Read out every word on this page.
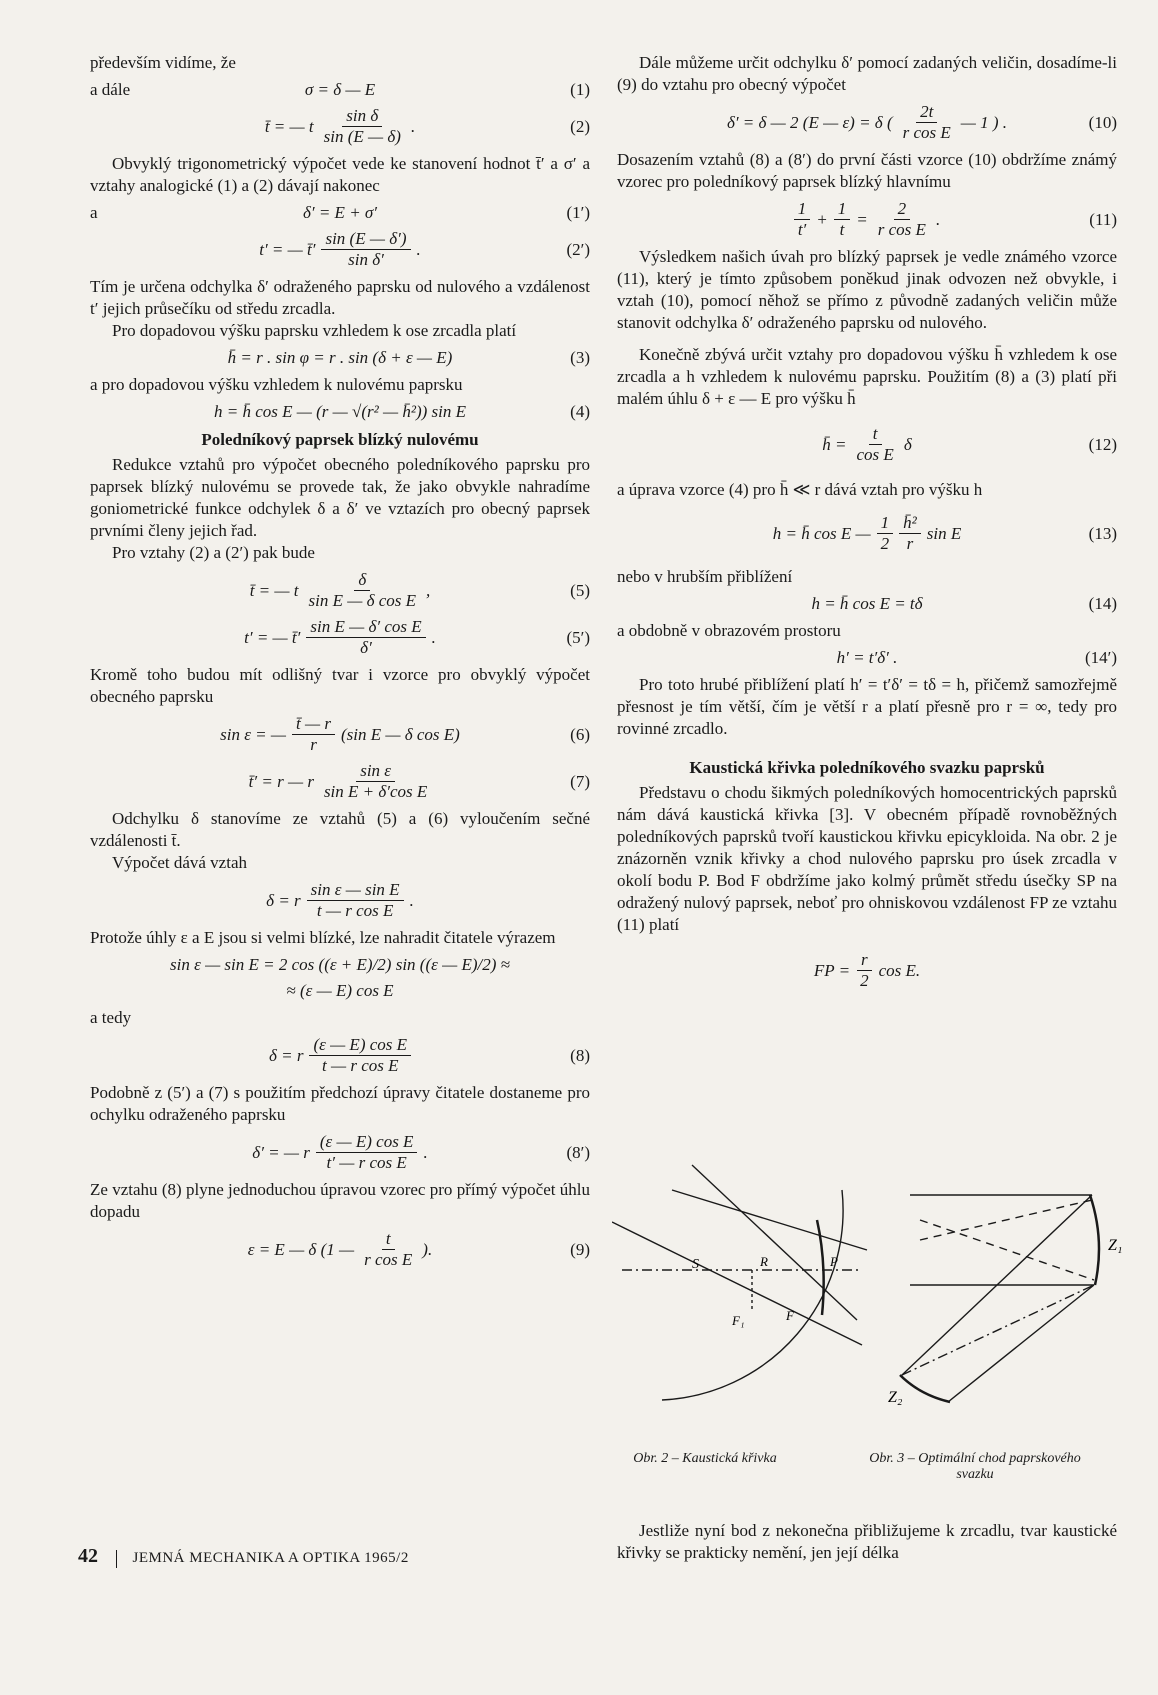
především vidíme, že

a dále	σ = δ — E	(1)
t̄ = — t $\frac{\text{sin δ}}{\sin (E — \delta)}$ .	(2)

Obvyklý trigonometrický výpočet vede ke stanovení hodnot t̄′ a σ′ a vztahy analogické (1) a (2) dávají nakonec

a	δ′ = E + σ′	(1′)
t′ = — t̄′ $\frac{\sin (E — \delta')}{\text{sin δ′}}$ .	(2′)

Tím je určena odchylka δ′ odraženého paprsku od nulového a vzdálenost t′ jejich průsečíku od středu zrcadla.

Pro dopadovou výšku paprsku vzhledem k ose zrcadla platí

h̄ = r . sin φ = r . sin (δ + ε — E)	(3)

a pro dopadovou výšku vzhledem k nulovému paprsku

h = h̄ cos E — (r — √(r² — h̄²)) sin E	(4)
Poledníkový paprsek blízký nulovému

Redukce vztahů pro výpočet obecného poledníkového paprsku pro paprsek blízký nulovému se provede tak, že jako obvykle nahradíme goniometrické funkce odchylek δ a δ′ ve vztazích pro obecný paprsek prvními členy jejich řad.

Pro vztahy (2) a (2′) pak bude

t̄ = — t $\frac{\delta}{\text{sin E — δ cos E}}$ ,	(5)
t′ = — t̄′ $\frac{\text{sin E — δ′ cos E}}{\delta'}$ .	(5′)

Kromě toho budou mít odlišný tvar i vzorce pro obvyklý výpočet obecného paprsku

sin ε = — $\frac{t̄ — r}{r} (\sin$ E — δ cos E)	(6)
t̄′ = r — r $\frac{\text{sin ε}}{\text{sin E + δ′cos E}}$	(7)

Odchylku δ stanovíme ze vztahů (5) a (6) vyloučením sečné vzdálenosti t̄.

Výpočet dává vztah

δ = r $\frac{\text{sin ε — sin E}}{\text{t — r cos E}}$ .

Protože úhly ε a E jsou si velmi blízké, lze nahradit čitatele výrazem

sin ε — sin E = 2 cos ((ε + E)/2) sin ((ε — E)/2) ≈
≈ (ε — E) cos E

a tedy

δ = r $\frac{\text{(ε — E) cos E}}{\text{t — r cos E}}$	(8)

Podobně z (5′) a (7) s použitím předchozí úpravy čitatele dostaneme pro ochylku odraženého paprsku

δ′ = — r $\frac{\text{(ε — E) cos E}}{\text{t′ — r cos E}}$ .	(8′)

Ze vztahu (8) plyne jednoduchou úpravou vzorec pro přímý výpočet úhlu dopadu

ε = E — δ (1 — $\frac{t}{\text{r cos E}}$ ).	(9)

Dále můžeme určit odchylku δ′ pomocí zadaných veličin, dosadíme-li (9) do vztahu pro obecný výpočet

δ′ = δ — 2 (E — ε) = δ ( $\frac{2t}{\text{r cos E}}$ — 1 ) .	(10)

Dosazením vztahů (8) a (8′) do první části vzorce (10) obdržíme známý vzorec pro poledníkový paprsek blízký hlavnímu

$\frac{1}{t'} + \frac{1}{t} = \frac{2}{\text{r cos E}}$ .	(11)

Výsledkem našich úvah pro blízký paprsek je vedle známého vzorce (11), který je tímto způsobem poněkud jinak odvozen než obvykle, i vztah (10), pomocí něhož se přímo z původně zadaných veličin může stanovit odchylka δ′ odraženého paprsku od nulového.

Konečně zbývá určit vztahy pro dopadovou výšku h̄ vzhledem k ose zrcadla a h vzhledem k nulovému paprsku. Použitím (8) a (3) platí při malém úhlu δ + ε — E pro výšku h̄

h̄ = $\frac{t}{\text{cos E}}$ δ	(12)

a úprava vzorce (4) pro h̄ ≪ r dává vztah pro výšku h

h = h̄ cos E — $\frac{1}{2} \frac{\text{h̄²}}{r}$ sin E	(13)

nebo v hrubším přiblížení

h = h̄ cos E = tδ	(14)

a obdobně v obrazovém prostoru

h′ = t′δ′ .	(14′)

Pro toto hrubé přiblížení platí h′ = t′δ′ = tδ = h, přičemž samozřejmě přesnost je tím větší, čím je větší r a platí přesně pro r = ∞, tedy pro rovinné zrcadlo.

Kaustická křivka poledníkového svazku paprsků

Představu o chodu šikmých poledníkových homocentrických paprsků nám dává kaustická křivka [3]. V obecném případě rovnoběžných poledníkových paprsků tvoří kaustickou křivku epicykloida. Na obr. 2 je znázorněn vznik křivky a chod nulového paprsku pro úsek zrcadla v okolí bodu P. Bod F obdržíme jako kolmý průmět středu úsečky SP na odražený nulový paprsek, neboť pro ohniskovou vzdálenost FP ze vztahu (11) platí

FP = $\frac{r}{2}$ cos E.
S	R	P
F₁	F
Z₁
Z₂
Obr. 2 – Kaustická křivka	Obr. 3 – Optimální chod paprskového svazku

Jestliže nyní bod z nekonečna přibližujeme k zrcadlu, tvar kaustické křivky se prakticky nemění, jen její délka

42 JEMNÁ MECHANIKA A OPTIKA 1965/2
